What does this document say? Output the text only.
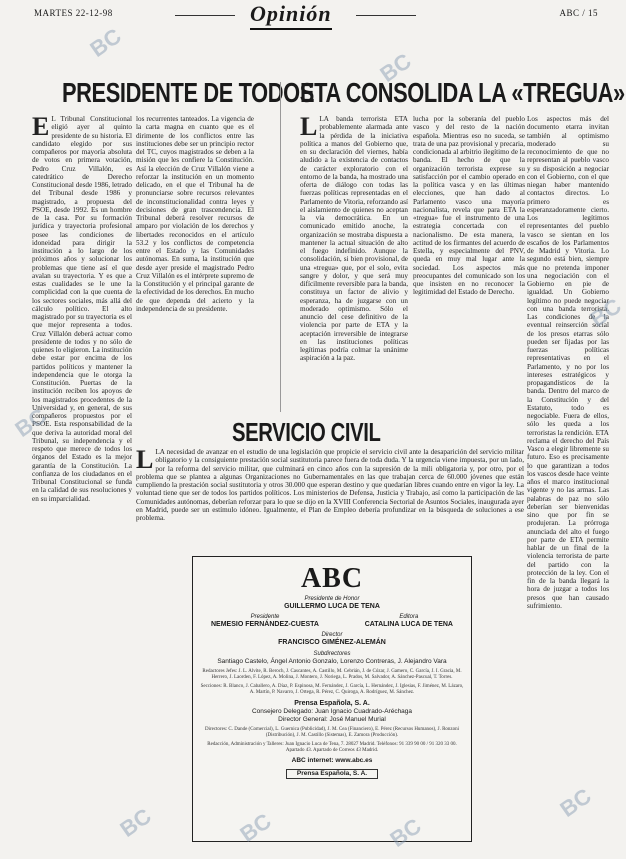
MARTES 22-12-98	Opinión	ABC / 15
PRESIDENTE DE TODOS
ETA CONSOLIDA LA «TREGUA»
E L Tribunal Constitucional eligió ayer al quinto presidente de su historia. El candidato elegido por sus compañeros por mayoría absoluta de votos en primera votación, Pedro Cruz Villalón, es catedrático de Derecho Constitucional desde 1986, letrado del Tribunal desde 1986 y magistrado, a propuesta del PSOE, desde 1992. Es un hombre de la casa. Por su formación jurídica y trayectoria profesional posee las condiciones de idoneidad para dirigir la institución a lo largo de los próximos años y solucionar los problemas que tiene así el que avalan su trayectoria. Y es que a estas cualidades se le une la complicidad con la que cuenta de los sectores sociales, más allá del cálculo político. El alto magistrado por su trayectoria es el que mejor representa a todos. Cruz Villalón deberá actuar como presidente de todos y no sólo de quienes lo eligieron. La institución debe estar por encima de los partidos políticos y mantener la independencia que le otorga la Constitución. Puertas de la institución reciben los apoyos de los magistrados procedentes de la Universidad y, en general, de sus compañeros propuestos por el PSOE. Esta responsabilidad de la que deriva la autoridad moral del Tribunal, su independencia y el respeto que merece de todos los órganos del Estado es la mejor garantía de la Constitución. La confianza de los ciudadanos en el Tribunal Constitucional se funda en la calidad de sus resoluciones y en su imparcialidad.
los recurrentes tanteados. La vigencia de la carta magna en cuanto que es el dirimente de los conflictos entre las instituciones debe ser un principio rector del TC, cuyos magistrados se deben a la misión que les confiere la Constitución. Así la elección de Cruz Villalón viene a reforzar la institución en un momento delicado, en el que el Tribunal ha de pronunciarse sobre recursos relevantes de inconstitucionalidad contra leyes y decisiones de gran trascendencia. El Tribunal deberá resolver recursos de amparo por violación de los derechos y libertades reconocidos en el artículo 53.2 y los conflictos de competencia entre el Estado y las Comunidades autónomas. En suma, la institución que desde ayer preside el magistrado Pedro Cruz Villalón es el intérprete supremo de la Constitución y el principal garante de la efectividad de los derechos. En mucho de que dependa del acierto y la independencia de su presidente.
L LA banda terrorista ETA probablemente alarmada ante la pérdida de la iniciativa política a manos del Gobierno que, en su declaración del viernes, había aludido a la existencia de contactos de carácter exploratorio con el entorno de la banda, ha mostrado una oferta de diálogo con todas las fuerzas políticas representadas en el Parlamento de Vitoria, reforzando así el aislamiento de quienes no aceptan la vía democrática. En un comunicado emitido anoche, la organización se mostraba dispuesta a mantener la actual situación de alto el fuego indefinido. Aunque la consolidación, si bien provisional, de una «tregua» que, por el solo, evita sangre y dolor, y que será muy difícilmente reversible para la banda, constituya un factor de alivio y esperanza, ha de juzgarse con un moderado optimismo. Sólo el anuncio del cese definitivo de la violencia por parte de ETA y la aceptación irreversible de integrarse en las instituciones políticas legítimas podría colmar la unánime aspiración a la paz.
lucha por la soberanía del pueblo vasco y del resto de la nación española. Mientras eso no suceda, se trata de una paz provisional y precaria, condicionada al arbitrio ilegítimo de la banda. El hecho de que la organización terrorista exprese su satisfacción por el cambio operado en la política vasca y en las últimas elecciones, que han dado al Parlamento vasco una mayoría nacionalista, revela que para ETA la «tregua» fue el instrumento de una estrategia concertada con el nacionalismo. De esta manera, la actitud de los firmantes del acuerdo de Estella, y especialmente del PNV, queda en muy mal lugar ante la sociedad. Los aspectos más preocupantes del comunicado son los que insisten en no reconocer la legitimidad del Estado de Derecho.
Los aspectos más del documento etarra invitan también al optimismo moderado su reconocimiento de que no representan al pueblo vasco y su disposición a negociar con el Gobierno, con el que niegan haber mantenido contactos directos. Lo primero es esperanzadoramente cierto. Los legítimos representantes del pueblo vasco se sientan en los escaños de los Parlamentos de Madrid y Vitoria. Lo segundo está bien, siempre que no pretenda imponer una negociación con el Gobierno en pie de igualdad. Un Gobierno legítimo no puede negociar con una banda terrorista. Las condiciones de la eventual reinserción social de los presos etarras sólo pueden ser fijadas por las fuerzas políticas representativas en el Parlamento, y no por los intereses estratégicos y propagandísticos de la banda. Dentro del marco de la Constitución y del Estatuto, todo es negociable. Fuera de ellos, sólo les queda a los terroristas la rendición. ETA reclama el derecho del País Vasco a elegir libremente su futuro. Eso es precisamente lo que garantizan a todos los vascos desde hace veinte años el marco institucional vigente y no las armas. Las palabras de paz no sólo deberían ser bienvenidas sino que por fin se produjeran. La prórroga anunciada del alto el fuego por parte de ETA permite hablar de un final de la violencia terrorista de parte del partido con la protección de la ley. Con el fin de la banda llegará la hora de juzgar a todos los presos que han causado sufrimiento.
SERVICIO CIVIL
L LA necesidad de avanzar en el estudio de una legislación que propicie el servicio civil ante la desaparición del servicio militar obligatorio y la consiguiente prestación social sustitutoria parece fuera de toda duda. Y la urgencia viene impuesta, por un lado, por la reforma del servicio militar, que culminará en cinco años con la supresión de la mili obligatoria y, por otro, por el problema que se plantea a algunas Organizaciones no Gubernamentales en las que trabajan cerca de 60.000 jóvenes que están cumpliendo la prestación social sustitutoria y otros 30.000 que esperan destino y que quedarían libres cuando entre en vigor la ley. La voluntad tiene que ser de todos los partidos políticos. Los ministerios de Defensa, Justicia y Trabajo, así como la participación de las Comunidades autónomas, deberían reforzar para lo que se dijo en la XVIII Conferencia Sectorial de Asuntos Sociales, inaugurada ayer en Madrid, puede ser un estímulo idóneo. Igualmente, el Plan de Empleo debería profundizar en la búsqueda de soluciones a ese problema.
ABC
Presidente de Honor
GUILLERMO LUCA DE TENA
Presidente
NEMESIO FERNÁNDEZ-CUESTA
Editora
CATALINA LUCA DE TENA
Director
FRANCISCO GIMÉNEZ-ALEMÁN
Subdirectores
Santiago Castelo, Ángel Antonio Gonzalo, Lorenzo Contreras, J. Alejandro Vara
Redactores Jefes: J. L. Alvite, R. Beroch, J. Cascantes, A. Castillo, M. Cebrián, J. de Cózar, J. Gamero, C. García, J. I. Gracia, M. Herrero, J. Laorden, F. López, A. Molina, J. Montero, J. Noriega, L. Prados, M. Salvador, A. Sánchez-Pascual, T. Torres.
Secciones: R. Blanco, J. Caballero, A. Díaz, P. Espinosa, M. Fernández, J. García, L. Hernández, J. Iglesias, F. Jiménez, M. Lázaro, A. Martín, P. Navarro, J. Ortega, R. Pérez, C. Quiroga, A. Rodríguez, M. Sánchez.
Prensa Española, S. A.
Consejero Delegado: Juan Ignacio Cuadrado-Aréchaga
Director General: José Manuel Murial
Directores: C. Dande (Comercial), L. Guernica (Publicidad), J. M. Cea (Financiero), E. Pérez (Recursos Humanos), J. Ronzoni (Distribución), J. M. Castillo (Sistemas), E. Zamora (Producción).
Redacción, Administración y Talleres: Juan Ignacio Luca de Tena, 7. 28027 Madrid. Teléfonos: 91 339 90 00 / 91 320 33 00. Apartado 43. Apartado de Correos 43 Madrid.
ABC internet: www.abc.es
Prensa Española, S. A.
BC
BC
BC
BC
BC	BC
BC
BC
